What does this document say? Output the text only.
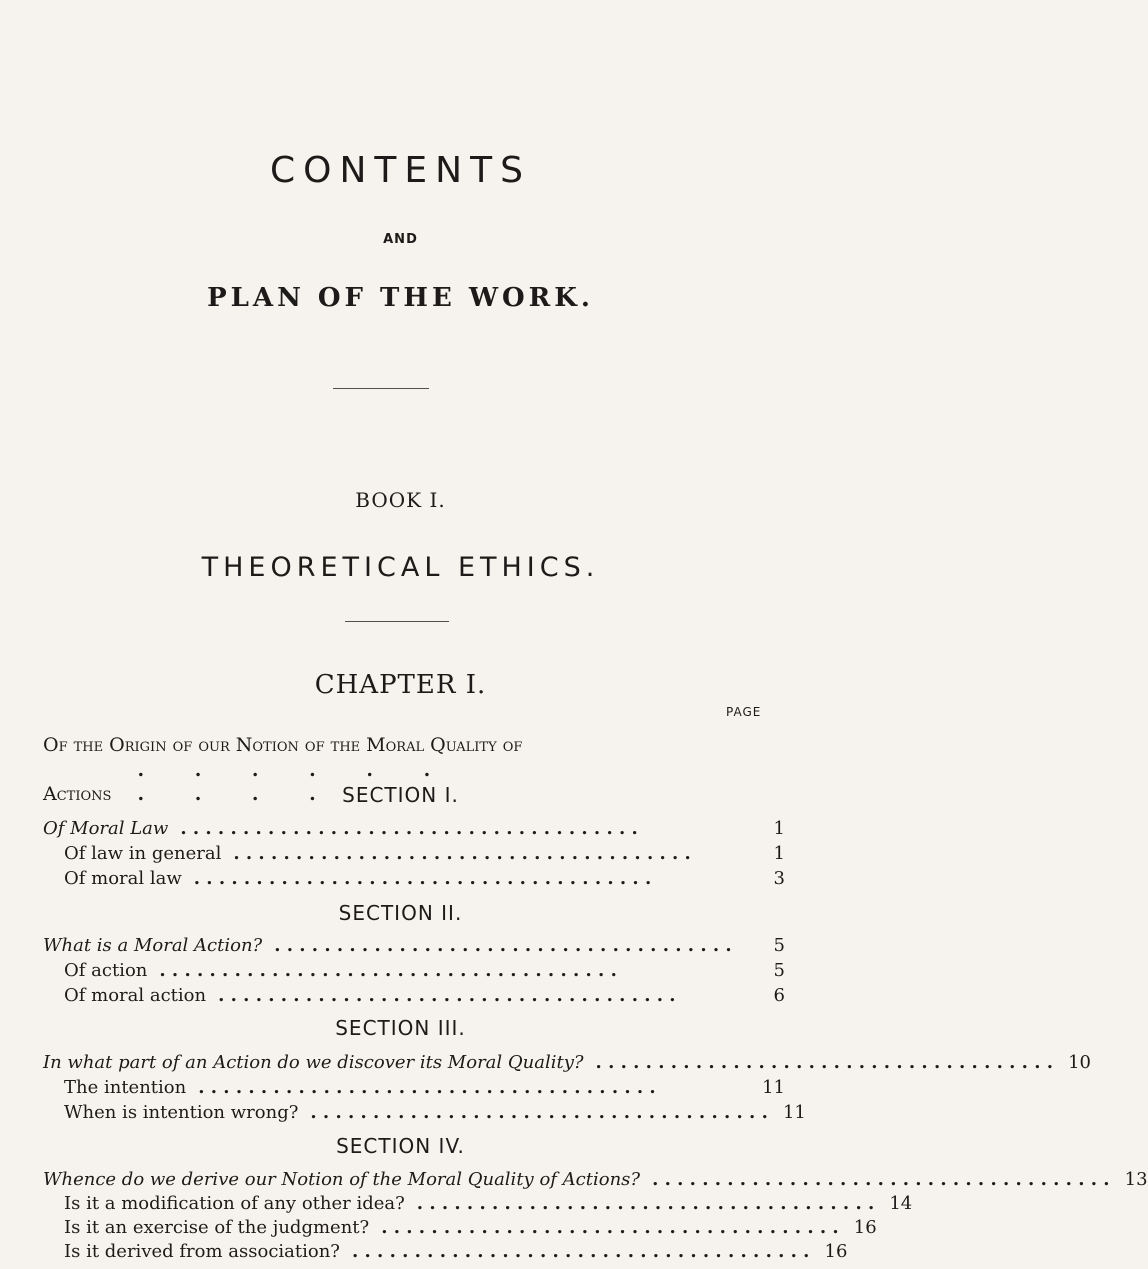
CONTENTS
AND
PLAN OF THE WORK.
BOOK I.
THEORETICAL ETHICS.
CHAPTER I.
PAGE
Of the Origin of our Notion of the Moral Quality of
Actions . . . . . . . . . . SECTION I.
Of Moral Law . . . . . . . . . . . . . . . . . . . . . . . . . . . . . . . . . . . . .	1
Of law in general . . . . . . . . . . . . . . . . . . . . . . . . . . . . . . . . . . . . .	1
Of moral law . . . . . . . . . . . . . . . . . . . . . . . . . . . . . . . . . . . . .	3
SECTION II.
What is a Moral Action? . . . . . . . . . . . . . . . . . . . . . . . . . . . . . . . . . . . . .	5
Of action . . . . . . . . . . . . . . . . . . . . . . . . . . . . . . . . . . . . .	5
Of moral action . . . . . . . . . . . . . . . . . . . . . . . . . . . . . . . . . . . . .	6
SECTION III.
In what part of an Action do we discover its Moral Quality? . . . . . . . . . . . . . . . . . . . . . . . . . . . . . . . . . . . . . 10
The intention . . . . . . . . . . . . . . . . . . . . . . . . . . . . . . . . . . . . .	11
When is intention wrong? . . . . . . . . . . . . . . . . . . . . . . . . . . . . . . . . . . . . . 11
SECTION IV.
Whence do we derive our Notion of the Moral Quality of Actions? . . . . . . . . . . . . . . . . . . . . . . . . . . . . . . . . . . . . . 13
Is it a modification of any other idea? . . . . . . . . . . . . . . . . . . . . . . . . . . . . . . . . . . . . . 14
Is it an exercise of the judgment? . . . . . . . . . . . . . . . . . . . . . . . . . . . . . . . . . . . . . 16
Is it derived from association? . . . . . . . . . . . . . . . . . . . . . . . . . . . . . . . . . . . . . 16
